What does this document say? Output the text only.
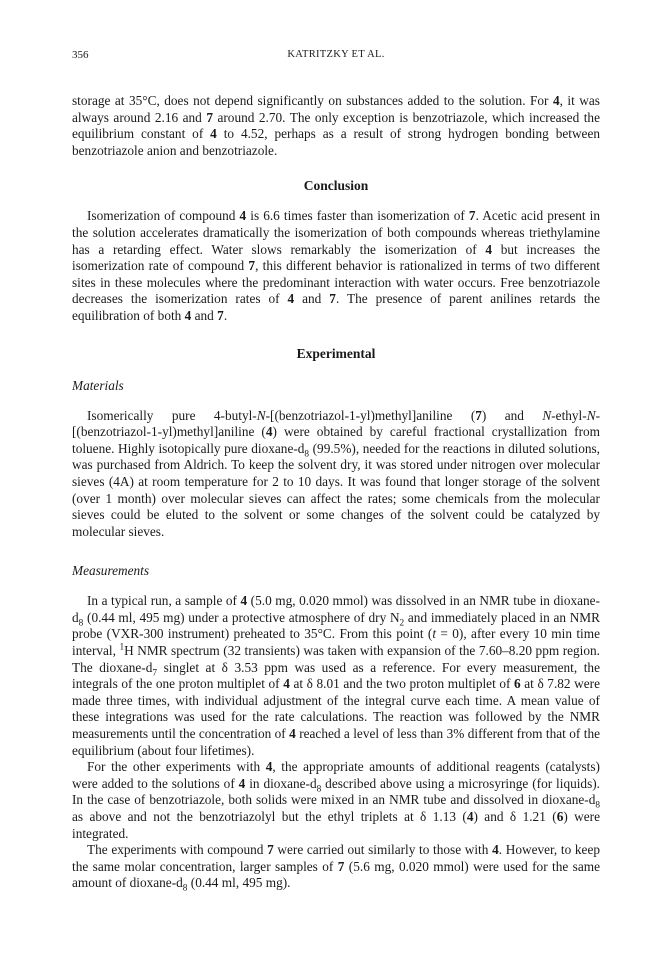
356	KATRITZKY ET AL.

storage at 35°C, does not depend significantly on substances added to the solution. For 4, it was always around 2.16 and 7 around 2.70. The only exception is benzotriazole, which increased the equilibrium constant of 4 to 4.52, perhaps as a result of strong hydrogen bonding between benzotriazole anion and benzotriazole.

Conclusion

Isomerization of compound 4 is 6.6 times faster than isomerization of 7. Acetic acid present in the solution accelerates dramatically the isomerization of both compounds whereas triethylamine has a retarding effect. Water slows remarkably the isomerization of 4 but increases the isomerization rate of compound 7, this different behavior is rationalized in terms of two different sites in these molecules where the predominant interaction with water occurs. Free benzotriazole decreases the isomerization rates of 4 and 7. The presence of parent anilines retards the equilibration of both 4 and 7.

Experimental
Materials

Isomerically pure 4-butyl-N-[(benzotriazol-1-yl)methyl]aniline (7) and N-ethyl-N-[(benzotriazol-1-yl)methyl]aniline (4) were obtained by careful fractional crystallization from toluene. Highly isotopically pure dioxane-$d_8$ (99.5%), needed for the reactions in diluted solutions, was purchased from Aldrich. To keep the solvent dry, it was stored under nitrogen over molecular sieves (4A) at room temperature for 2 to 10 days. It was found that longer storage of the solvent (over 1 month) over molecular sieves can affect the rates; some chemicals from the molecular sieves could be eluted to the solvent or some changes of the solvent could be catalyzed by molecular sieves.

Measurements

In a typical run, a sample of 4 (5.0 mg, 0.020 mmol) was dissolved in an NMR tube in dioxane-$d_8$ (0.44 ml, 495 mg) under a protective atmosphere of dry $N_2$ and immediately placed in an NMR probe (VXR-300 instrument) preheated to 35°C. From this point (t = 0), after every 10 min time interval, $^1$H NMR spectrum (32 transients) was taken with expansion of the 7.60–8.20 ppm region. The dioxane-$d_7$ singlet at δ 3.53 ppm was used as a reference. For every measurement, the integrals of the one proton multiplet of 4 at δ 8.01 and the two proton multiplet of 6 at δ 7.82 were made three times, with individual adjustment of the integral curve each time. A mean value of these integrations was used for the rate calculations. The reaction was followed by the NMR measurements until the concentration of 4 reached a level of less than 3% different from that of the equilibrium (about four lifetimes).

For the other experiments with 4, the appropriate amounts of additional reagents (catalysts) were added to the solutions of 4 in dioxane-$d_8$ described above using a microsyringe (for liquids). In the case of benzotriazole, both solids were mixed in an NMR tube and dissolved in dioxane-$d_8$ as above and not the benzotriazolyl but the ethyl triplets at δ 1.13 (4) and δ 1.21 (6) were integrated.

The experiments with compound 7 were carried out similarly to those with 4. However, to keep the same molar concentration, larger samples of 7 (5.6 mg, 0.020 mmol) were used for the same amount of dioxane-$d_8$ (0.44 ml, 495 mg).
